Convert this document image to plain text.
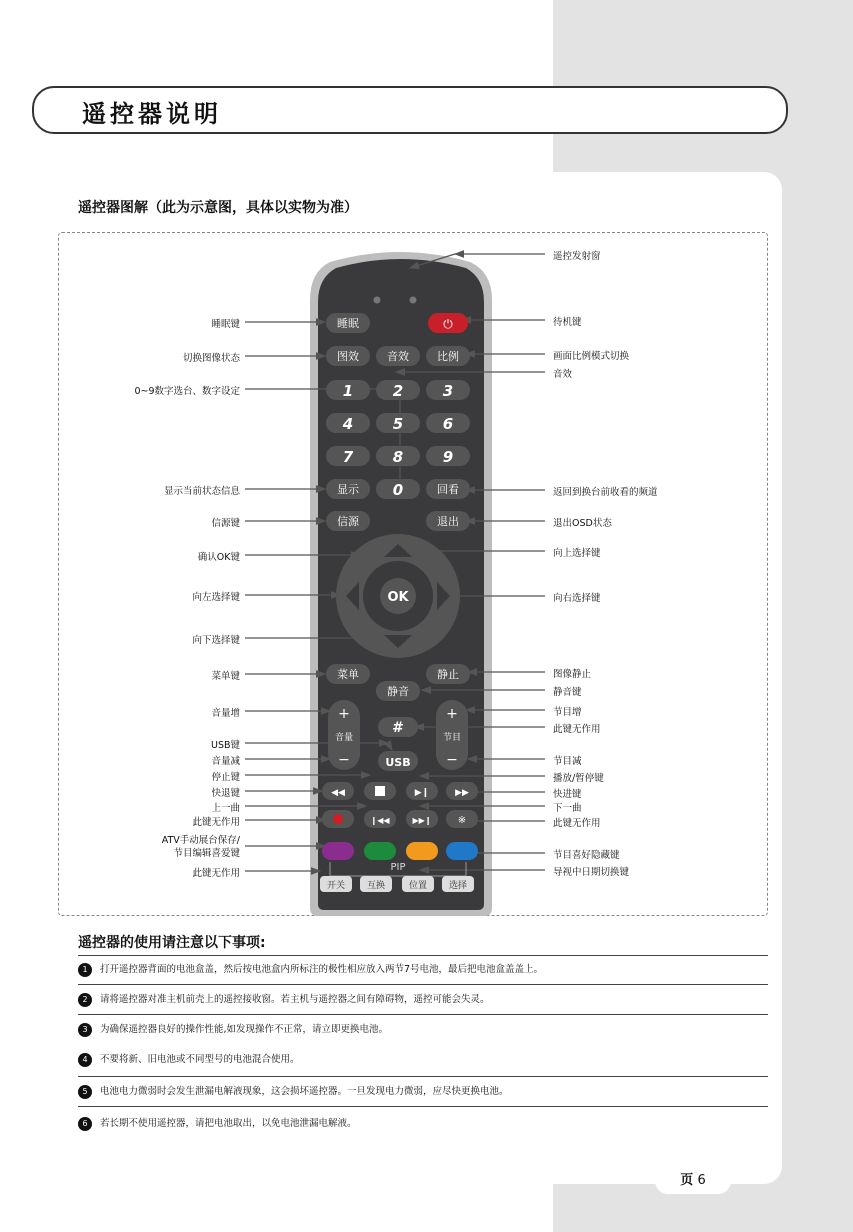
遥控器说明
遥控器图解（此为示意图，具体以实物为准）
睡眠	⏻
图效	音效	比例
1	2	3
4	5	6
7	8	9
0
显示	回看
信源	退出
OK
菜单	静止
静音
+
音量
−
+
节目
−
#
USB
◀◀	▶❙	▶▶
❙◀◀	▶▶❙	※
PIP
开关 互换	位置 选择
睡眠键
切换图像状态
0~9数字选台、数字设定
显示当前状态信息
信源键
确认OK键
向左选择键
向下选择键
菜单键
音量增
USB键
音量减
停止键
快退键
上一曲
此键无作用
ATV手动展台保存/
节目编辑喜爱键
此键无作用
遥控发射窗
待机键
画面比例模式切换
音效
返回到换台前收看的频道
退出OSD状态
向上选择键
向右选择键
图像静止
静音键
节目增
此键无作用
节目减
播放/暂停键
快进键
下一曲
此键无作用
节目喜好隐藏键
导视中日期切换键
遥控器的使用请注意以下事项:
1 打开遥控器背面的电池盒盖，然后按电池盒内所标注的极性相应放入两节7号电池，最后把电池盒盖盖上。
2 请将遥控器对准主机前壳上的遥控接收窗。若主机与遥控器之间有障碍物，遥控可能会失灵。
3 为确保遥控器良好的操作性能,如发现操作不正常，请立即更换电池。
4 不要将新、旧电池或不同型号的电池混合使用。
5 电池电力微弱时会发生泄漏电解液现象，这会损坏遥控器。一旦发现电力微弱，应尽快更换电池。
6 若长期不使用遥控器，请把电池取出，以免电池泄漏电解液。
页 6
